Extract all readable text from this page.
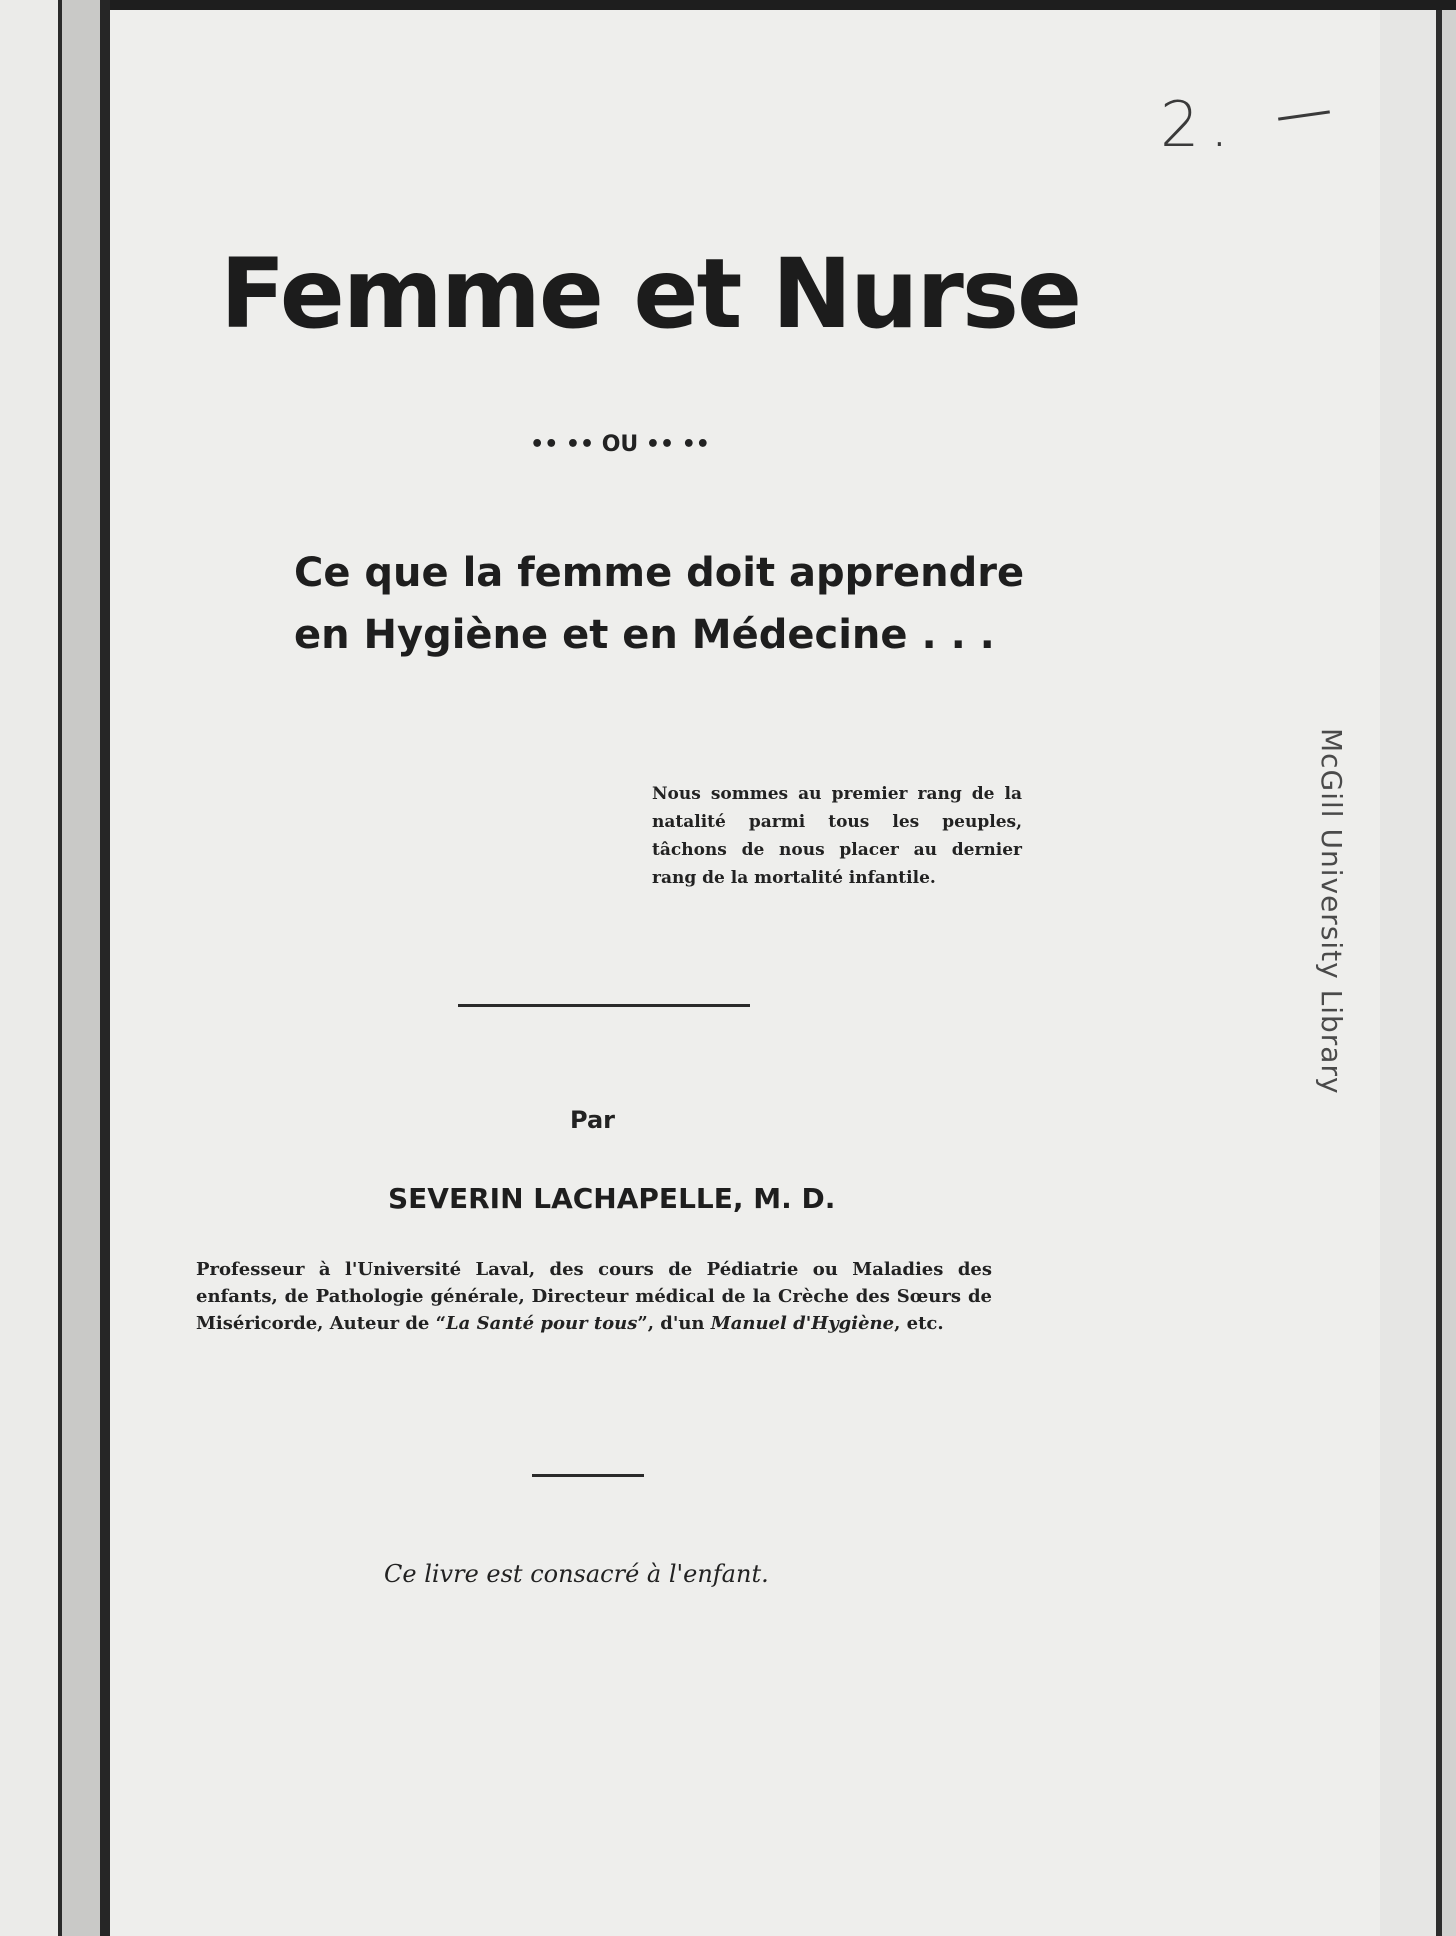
2.
Femme et Nurse
•• •• OU •• ••
Ce que la femme doit apprendre
en Hygiène et en Médecine . . .
Nous sommes au premier rang de la natalité parmi tous les peuples, tâchons de nous placer au dernier rang de la mortalité infantile.
Par
SEVERIN LACHAPELLE, M. D.
Professeur à l'Université Laval, des cours de Pédiatrie ou Maladies des enfants, de Pathologie générale, Directeur médical de la Crèche des Sœurs de Miséricorde, Auteur de “La Santé pour tous”, d'un Manuel d'Hygiène, etc.
Ce livre est consacré à l'enfant.
McGill University Library
